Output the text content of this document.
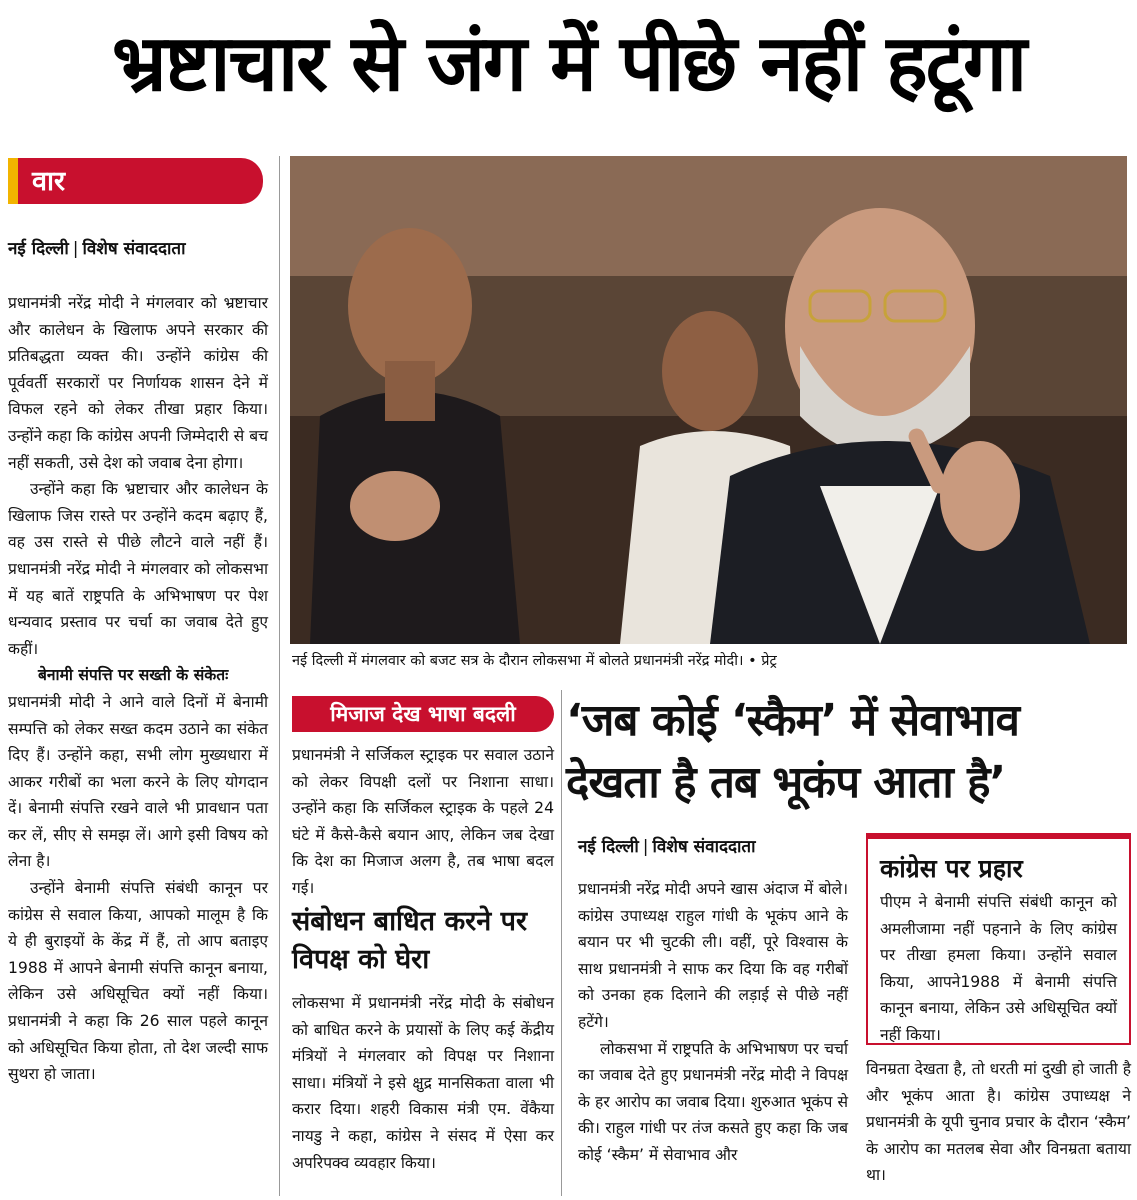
भ्रष्टाचार से जंग में पीछे नहीं हटूंगा
वार
नई दिल्ली | विशेष संवाददाता

प्रधानमंत्री नरेंद्र मोदी ने मंगलवार को भ्रष्टाचार और कालेधन के खिलाफ अपने सरकार की प्रतिबद्धता व्यक्त की। उन्होंने कांग्रेस की पूर्ववर्ती सरकारों पर निर्णायक शासन देने में विफल रहने को लेकर तीखा प्रहार किया। उन्होंने कहा कि कांग्रेस अपनी जिम्मेदारी से बच नहीं सकती, उसे देश को जवाब देना होगा।

उन्होंने कहा कि भ्रष्टाचार और कालेधन के खिलाफ जिस रास्ते पर उन्होंने कदम बढ़ाए हैं, वह उस रास्ते से पीछे लौटने वाले नहीं हैं। प्रधानमंत्री नरेंद्र मोदी ने मंगलवार को लोकसभा में यह बातें राष्ट्रपति के अभिभाषण पर पेश धन्यवाद प्रस्ताव पर चर्चा का जवाब देते हुए कहीं।

बेनामी संपत्ति पर सख्ती के संकेतः

प्रधानमंत्री मोदी ने आने वाले दिनों में बेनामी सम्पत्ति को लेकर सख्त कदम उठाने का संकेत दिए हैं। उन्होंने कहा, सभी लोग मुख्यधारा में आकर गरीबों का भला करने के लिए योगदान दें। बेनामी संपत्ति रखने वाले भी प्रावधान पता कर लें, सीए से समझ लें। आगे इसी विषय को लेना है।

उन्होंने बेनामी संपत्ति संबंधी कानून पर कांग्रेस से सवाल किया, आपको मालूम है कि ये ही बुराइयों के केंद्र में हैं, तो आप बताइए 1988 में आपने बेनामी संपत्ति कानून बनाया, लेकिन उसे अधिसूचित क्यों नहीं किया। प्रधानमंत्री ने कहा कि 26 साल पहले कानून को अधिसूचित किया होता, तो देश जल्दी साफ सुथरा हो जाता।

नई दिल्ली में मंगलवार को बजट सत्र के दौरान लोकसभा में बोलते प्रधानमंत्री नरेंद्र मोदी। • प्रेट्र
मिजाज देख भाषा बदली

प्रधानमंत्री ने सर्जिकल स्ट्राइक पर सवाल उठाने को लेकर विपक्षी दलों पर निशाना साधा। उन्होंने कहा कि सर्जिकल स्ट्राइक के पहले 24 घंटे में कैसे-कैसे बयान आए, लेकिन जब देखा कि देश का मिजाज अलग है, तब भाषा बदल गई।

संबोधन बाधित करने पर विपक्ष को घेरा

लोकसभा में प्रधानमंत्री नरेंद्र मोदी के संबोधन को बाधित करने के प्रयासों के लिए कई केंद्रीय मंत्रियों ने मंगलवार को विपक्ष पर निशाना साधा। मंत्रियों ने इसे क्षुद्र मानसिकता वाला भी करार दिया। शहरी विकास मंत्री एम. वेंकैया नायडु ने कहा, कांग्रेस ने संसद में ऐसा कर अपरिपक्व व्यवहार किया।

‘जब कोई ‘स्कैम’ में सेवाभाव देखता है तब भूकंप आता है’
नई दिल्ली | विशेष संवाददाता

प्रधानमंत्री नरेंद्र मोदी अपने खास अंदाज में बोले। कांग्रेस उपाध्यक्ष राहुल गांधी के भूकंप आने के बयान पर भी चुटकी ली। वहीं, पूरे विश्वास के साथ प्रधानमंत्री ने साफ कर दिया कि वह गरीबों को उनका हक दिलाने की लड़ाई से पीछे नहीं हटेंगे।

लोकसभा में राष्ट्रपति के अभिभाषण पर चर्चा का जवाब देते हुए प्रधानमंत्री नरेंद्र मोदी ने विपक्ष के हर आरोप का जवाब दिया। शुरुआत भूकंप से की। राहुल गांधी पर तंज कसते हुए कहा कि जब कोई ‘स्कैम’ में सेवाभाव और

कांग्रेस पर प्रहार
पीएम ने बेनामी संपत्ति संबंधी कानून को अमलीजामा नहीं पहनाने के लिए कांग्रेस पर तीखा हमला किया। उन्होंने सवाल किया, आपने1988 में बेनामी संपत्ति कानून बनाया, लेकिन उसे अधिसूचित क्यों नहीं किया।

विनम्रता देखता है, तो धरती मां दुखी हो जाती है और भूकंप आता है। कांग्रेस उपाध्यक्ष ने प्रधानमंत्री के यूपी चुनाव प्रचार के दौरान ‘स्कैम’ के आरोप का मतलब सेवा और विनम्रता बताया था।
